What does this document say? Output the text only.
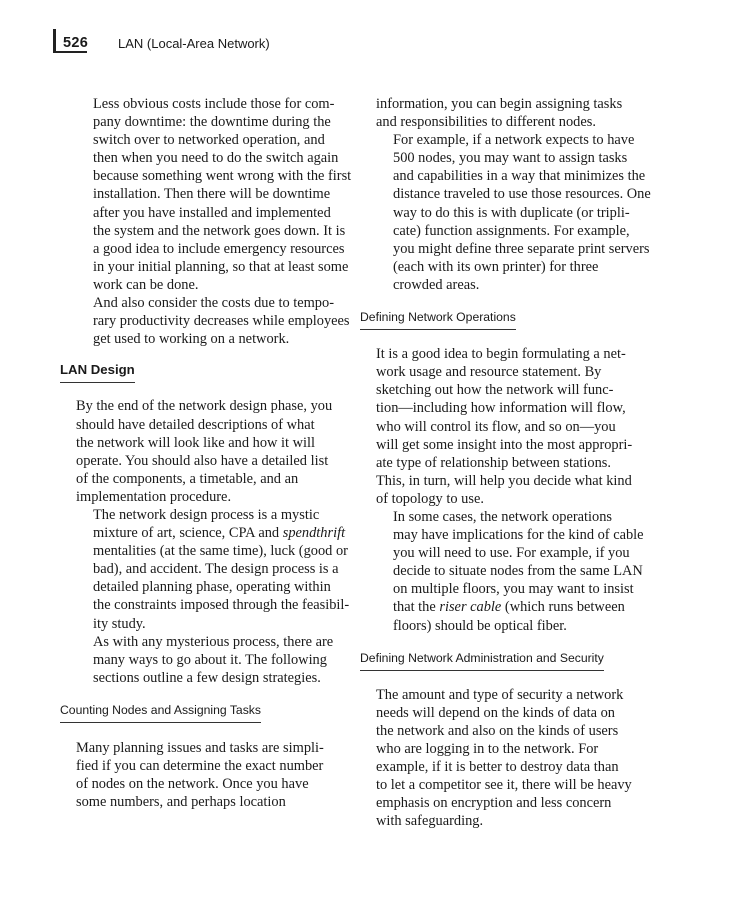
526 LAN (Local-Area Network)

Less obvious costs include those for com-
pany downtime: the downtime during the
switch over to networked operation, and
then when you need to do the switch again
because something went wrong with the first
installation. Then there will be downtime
after you have installed and implemented
the system and the network goes down. It is
a good idea to include emergency resources
in your initial planning, so that at least some
work can be done.

And also consider the costs due to tempo-
rary productivity decreases while employees
get used to working on a network.

LAN Design

By the end of the network design phase, you
should have detailed descriptions of what
the network will look like and how it will
operate. You should also have a detailed list
of the components, a timetable, and an
implementation procedure.

The network design process is a mystic
mixture of art, science, CPA and spendthrift
mentalities (at the same time), luck (good or
bad), and accident. The design process is a
detailed planning phase, operating within
the constraints imposed through the feasibil-
ity study.

As with any mysterious process, there are
many ways to go about it. The following
sections outline a few design strategies.

Counting Nodes and Assigning Tasks

Many planning issues and tasks are simpli-
fied if you can determine the exact number
of nodes on the network. Once you have
some numbers, and perhaps location

information, you can begin assigning tasks
and responsibilities to different nodes.

For example, if a network expects to have
500 nodes, you may want to assign tasks
and capabilities in a way that minimizes the
distance traveled to use those resources. One
way to do this is with duplicate (or tripli-
cate) function assignments. For example,
you might define three separate print servers
(each with its own printer) for three
crowded areas.

Defining Network Operations

It is a good idea to begin formulating a net-
work usage and resource statement. By
sketching out how the network will func-
tion—including how information will flow,
who will control its flow, and so on—you
will get some insight into the most appropri-
ate type of relationship between stations.
This, in turn, will help you decide what kind
of topology to use.

In some cases, the network operations
may have implications for the kind of cable
you will need to use. For example, if you
decide to situate nodes from the same LAN
on multiple floors, you may want to insist
that the riser cable (which runs between
floors) should be optical fiber.

Defining Network Administration and Security

The amount and type of security a network
needs will depend on the kinds of data on
the network and also on the kinds of users
who are logging in to the network. For
example, if it is better to destroy data than
to let a competitor see it, there will be heavy
emphasis on encryption and less concern
with safeguarding.
